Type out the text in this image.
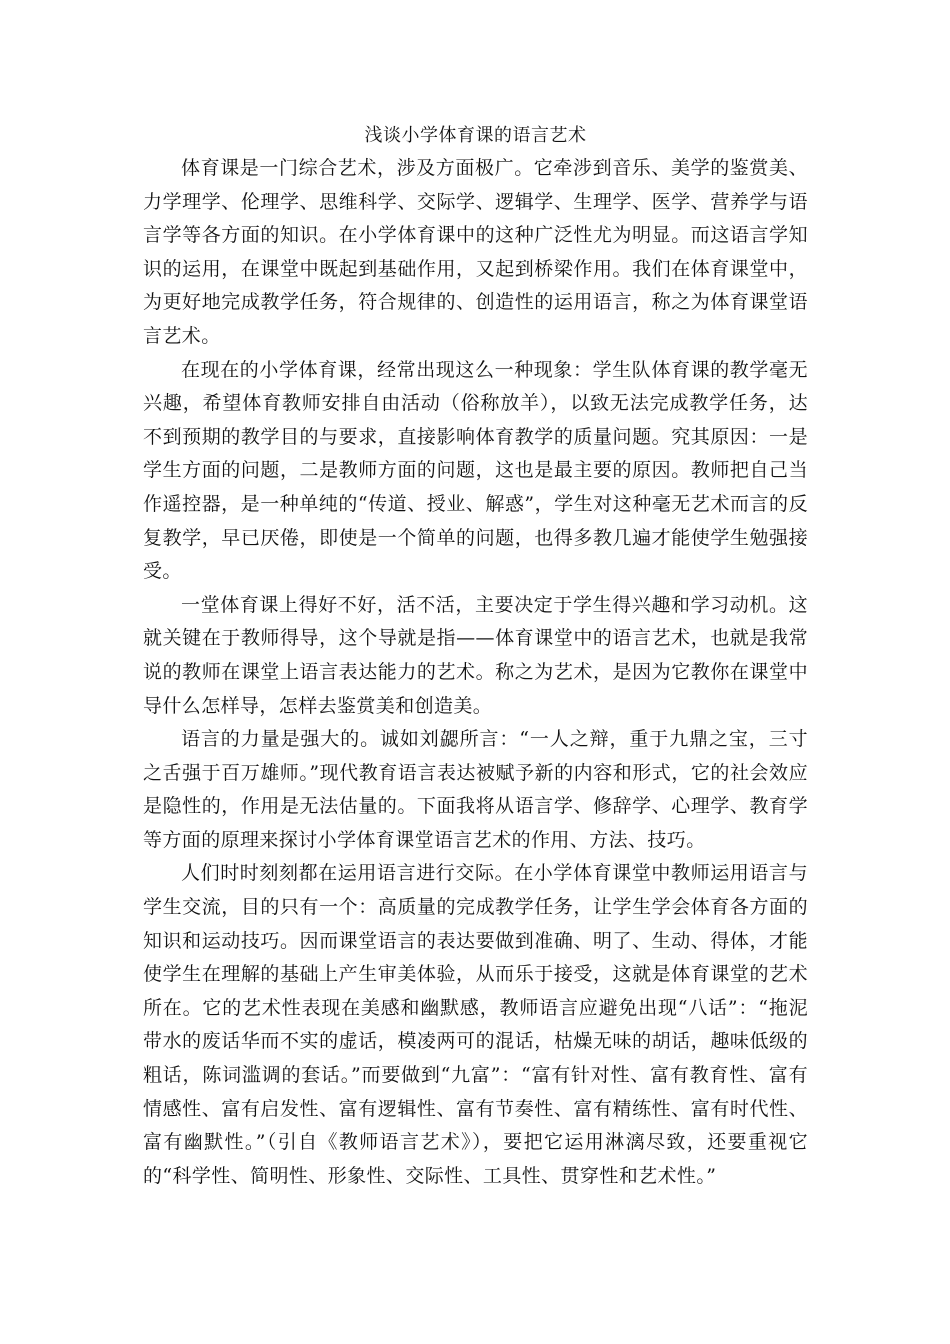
浅谈小学体育课的语言艺术

体育课是一门综合艺术，涉及方面极广。它牵涉到音乐、美学的鉴赏美、力学理学、伦理学、思维科学、交际学、逻辑学、生理学、医学、营养学与语言学等各方面的知识。在小学体育课中的这种广泛性尤为明显。而这语言学知识的运用，在课堂中既起到基础作用，又起到桥梁作用。我们在体育课堂中，为更好地完成教学任务，符合规律的、创造性的运用语言，称之为体育课堂语言艺术。

在现在的小学体育课，经常出现这么一种现象：学生队体育课的教学毫无兴趣，希望体育教师安排自由活动（俗称放羊），以致无法完成教学任务，达不到预期的教学目的与要求，直接影响体育教学的质量问题。究其原因：一是学生方面的问题，二是教师方面的问题，这也是最主要的原因。教师把自己当作遥控器，是一种单纯的“传道、授业、解惑”，学生对这种毫无艺术而言的反复教学，早已厌倦，即使是一个简单的问题，也得多教几遍才能使学生勉强接受。

一堂体育课上得好不好，活不活，主要决定于学生得兴趣和学习动机。这就关键在于教师得导，这个导就是指——体育课堂中的语言艺术，也就是我常说的教师在课堂上语言表达能力的艺术。称之为艺术，是因为它教你在课堂中导什么怎样导，怎样去鉴赏美和创造美。

语言的力量是强大的。诚如刘勰所言：“一人之辩，重于九鼎之宝，三寸之舌强于百万雄师。”现代教育语言表达被赋予新的内容和形式，它的社会效应是隐性的，作用是无法估量的。下面我将从语言学、修辞学、心理学、教育学等方面的原理来探讨小学体育课堂语言艺术的作用、方法、技巧。

人们时时刻刻都在运用语言进行交际。在小学体育课堂中教师运用语言与学生交流，目的只有一个：高质量的完成教学任务，让学生学会体育各方面的知识和运动技巧。因而课堂语言的表达要做到准确、明了、生动、得体，才能使学生在理解的基础上产生审美体验，从而乐于接受，这就是体育课堂的艺术所在。它的艺术性表现在美感和幽默感，教师语言应避免出现“八话”：“拖泥带水的废话华而不实的虚话，模凌两可的混话，枯燥无味的胡话，趣味低级的粗话，陈词滥调的套话。”而要做到“九富”：“富有针对性、富有教育性、富有情感性、富有启发性、富有逻辑性、富有节奏性、富有精练性、富有时代性、富有幽默性。”（引自《教师语言艺术》），要把它运用淋漓尽致，还要重视它的“科学性、简明性、形象性、交际性、工具性、贯穿性和艺术性。”
